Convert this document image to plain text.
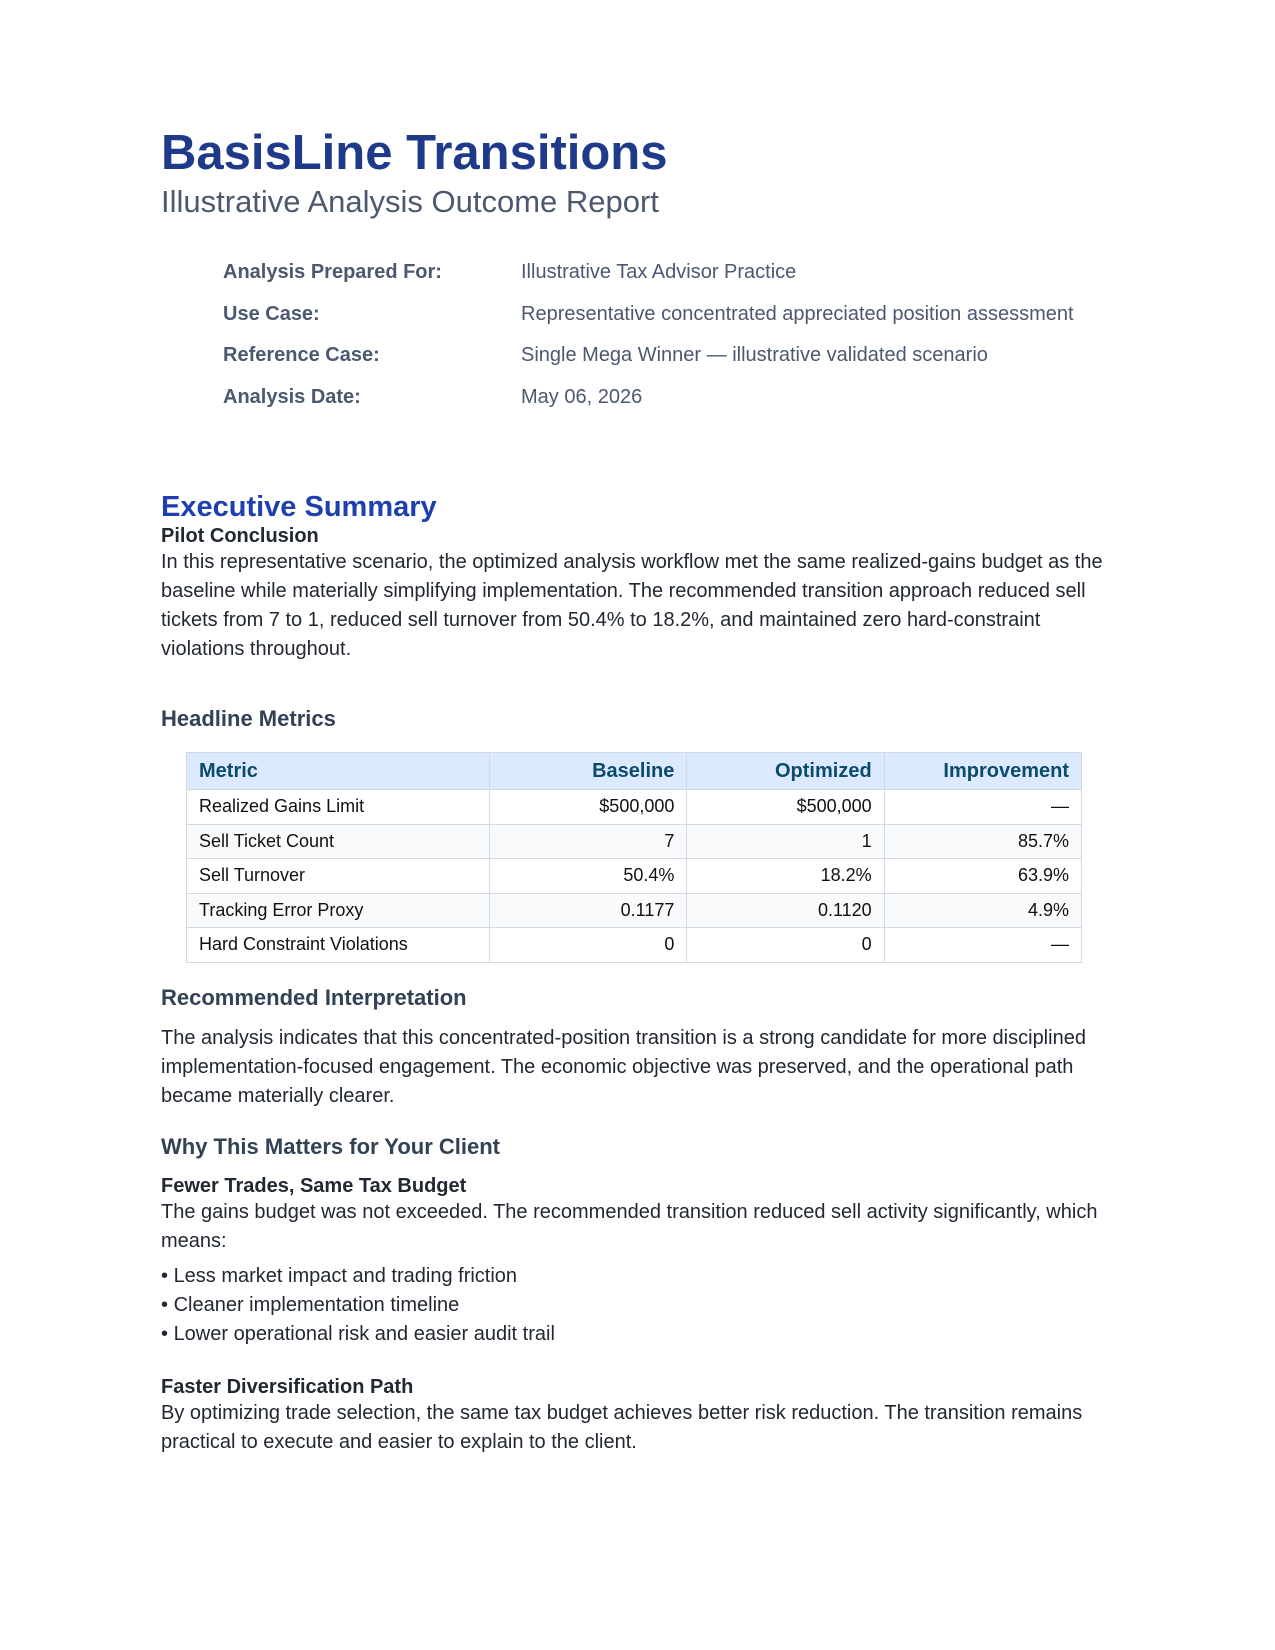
BasisLine Transitions
Illustrative Analysis Outcome Report
Analysis Prepared For:	Illustrative Tax Advisor Practice
Use Case:	Representative concentrated appreciated position assessment
Reference Case:	Single Mega Winner — illustrative validated scenario
Analysis Date:	May 06, 2026
Executive Summary
Pilot Conclusion

In this representative scenario, the optimized analysis workflow met the same realized-gains budget as the baseline while materially simplifying implementation. The recommended transition approach reduced sell tickets from 7 to 1, reduced sell turnover from 50.4% to 18.2%, and maintained zero hard-constraint violations throughout.

Headline Metrics
Metric	Baseline	Optimized	Improvement
Realized Gains Limit	$500,000	$500,000	—
Sell Ticket Count	7	1	85.7%
Sell Turnover	50.4%	18.2%	63.9%
Tracking Error Proxy	0.1177	0.1120	4.9%
Hard Constraint Violations	0	0	—
Recommended Interpretation

The analysis indicates that this concentrated-position transition is a strong candidate for more disciplined implementation-focused engagement. The economic objective was preserved, and the operational path became materially clearer.

Why This Matters for Your Client
Fewer Trades, Same Tax Budget

The gains budget was not exceeded. The recommended transition reduced sell activity significantly, which means:

• Less market impact and trading friction
• Cleaner implementation timeline
• Lower operational risk and easier audit trail
Faster Diversification Path

By optimizing trade selection, the same tax budget achieves better risk reduction. The transition remains practical to execute and easier to explain to the client.
